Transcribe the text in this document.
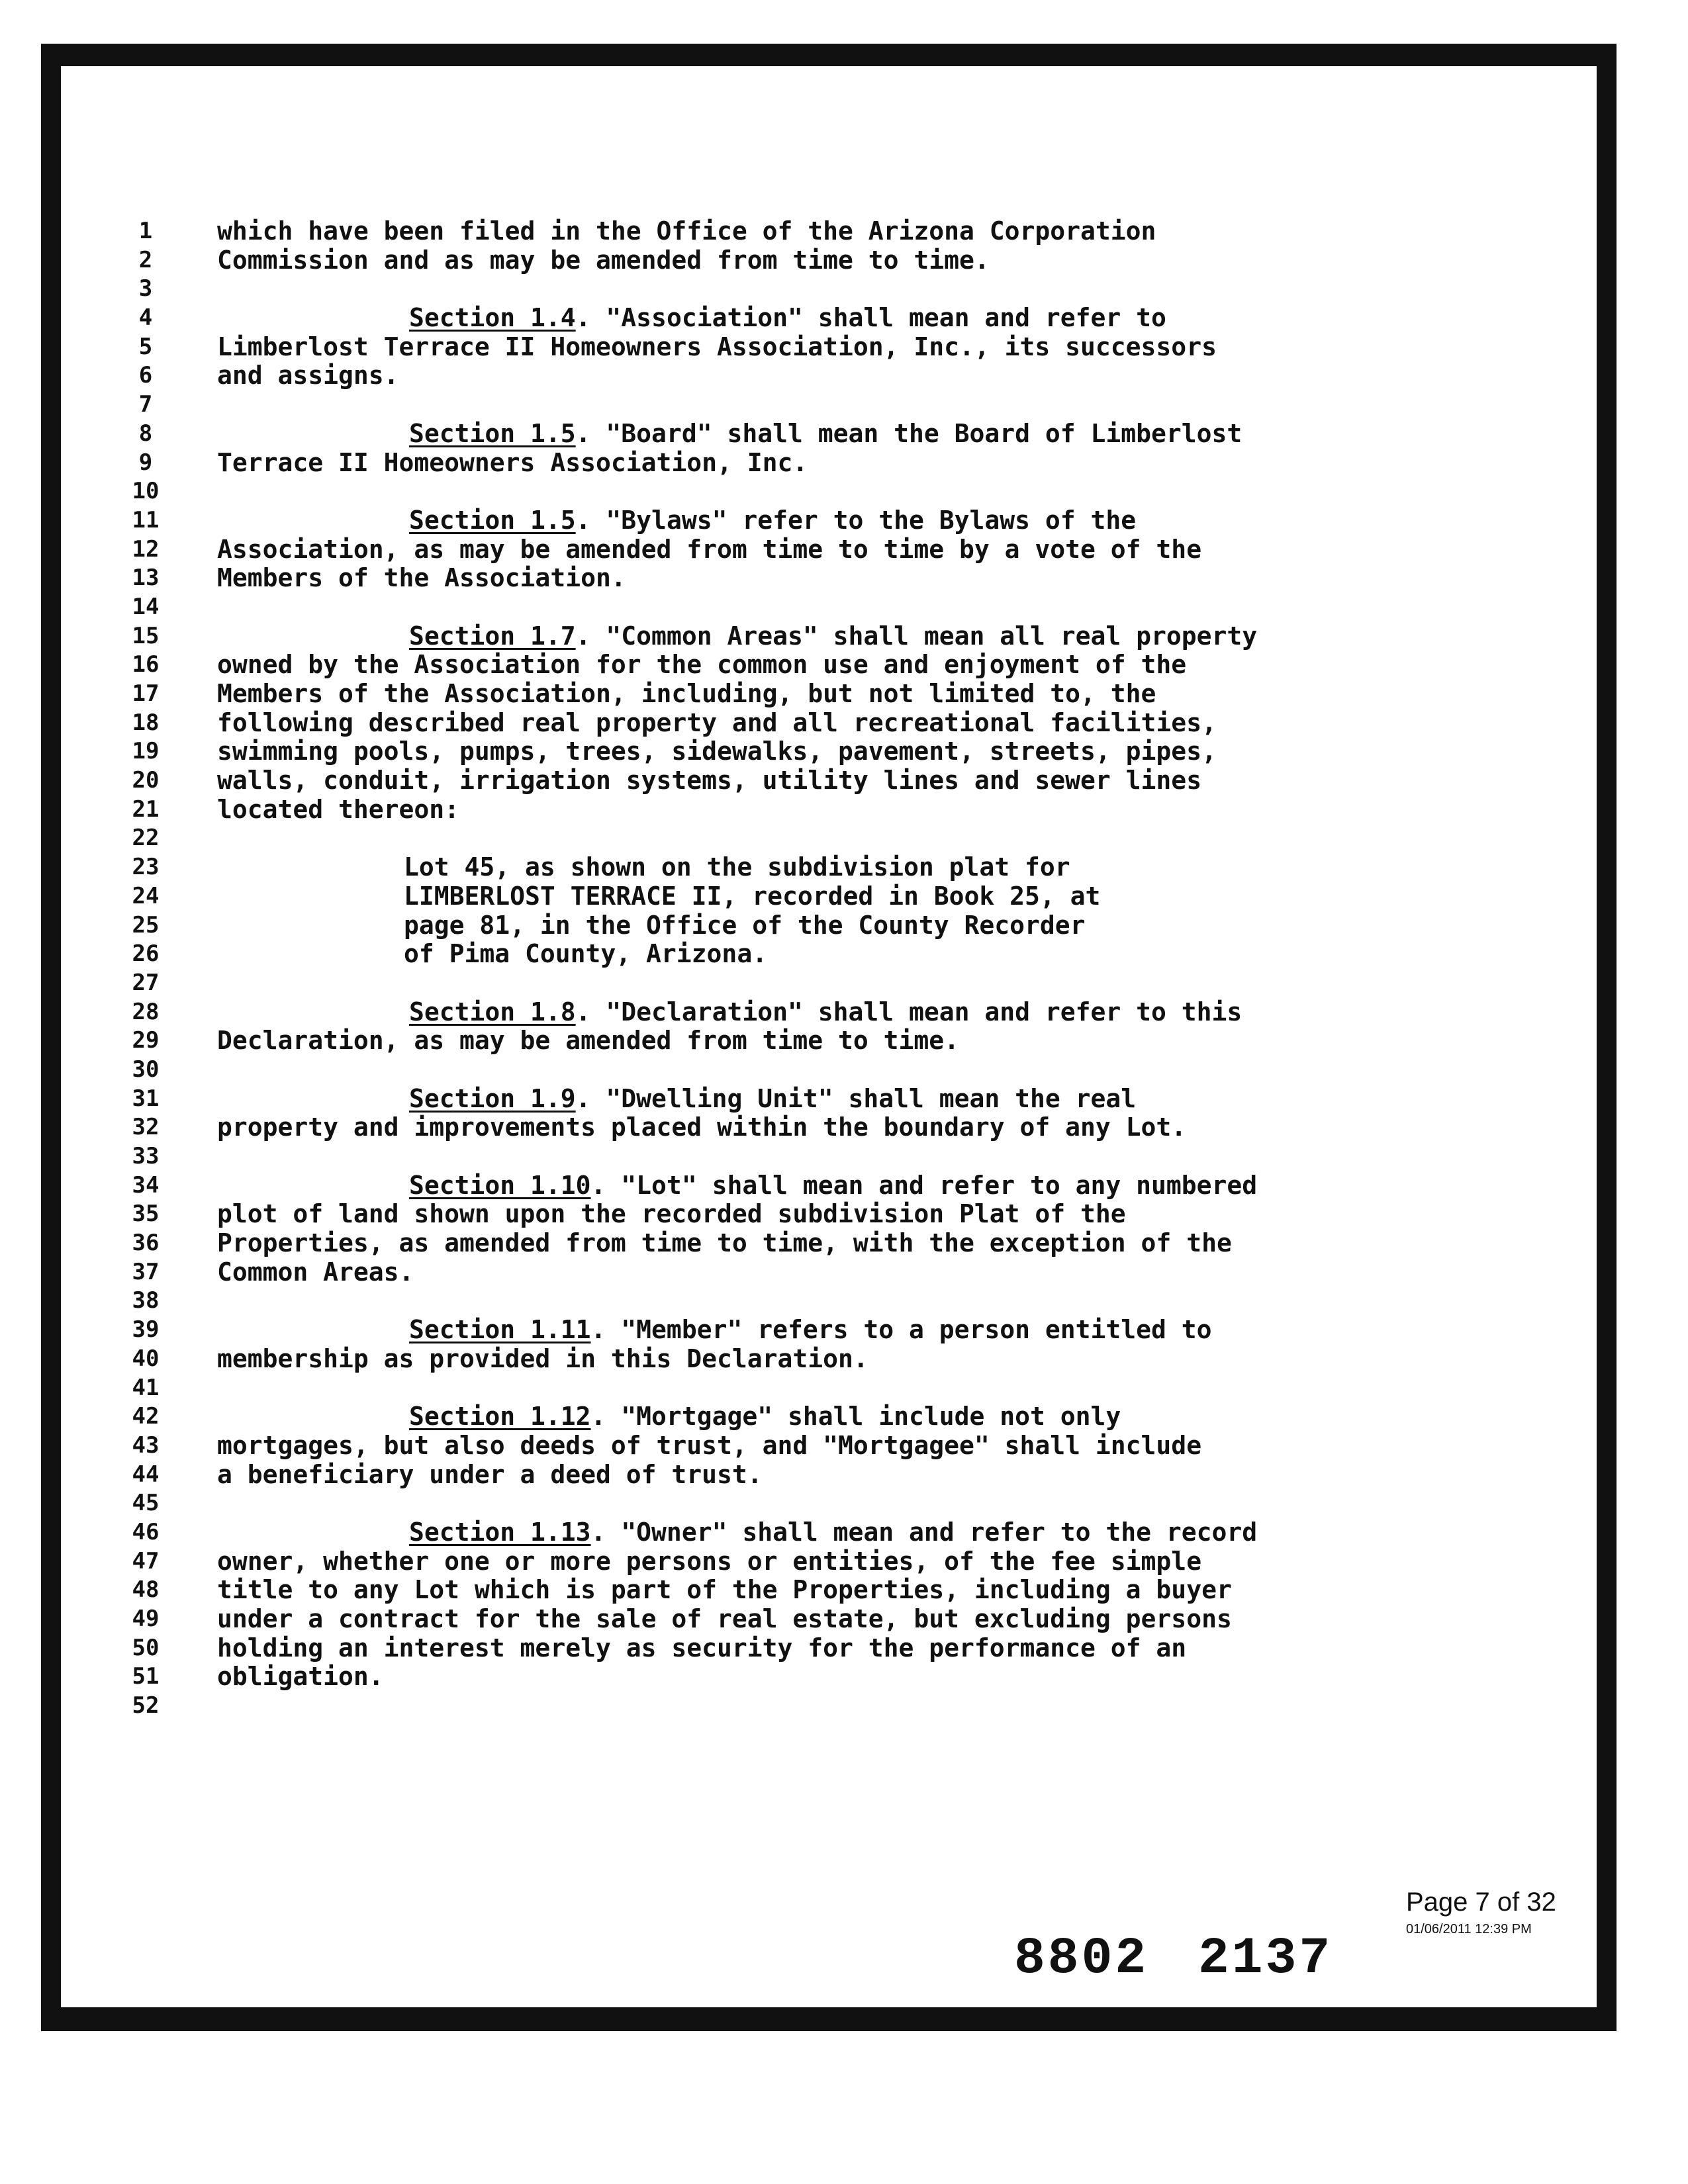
1
2
3
4
5
6
7
8
9
10
11
12
13
14
15
16
17
18
19
20
21
22
23
24
25
26
27
28
29
30
31
32
33
34
35
36
37
38
39
40
41
42
43
44
45
46
47
48
49
50
51
52
which have been filed in the Office of the Arizona Corporation
Commission and as may be amended from time to time.
Section 1.4. "Association" shall mean and refer to
Limberlost Terrace II Homeowners Association, Inc., its successors
and assigns.
Section 1.5. "Board" shall mean the Board of Limberlost
Terrace II Homeowners Association, Inc.
Section 1.5. "Bylaws" refer to the Bylaws of the
Association, as may be amended from time to time by a vote of the
Members of the Association.
Section 1.7. "Common Areas" shall mean all real property
owned by the Association for the common use and enjoyment of the
Members of the Association, including, but not limited to, the
following described real property and all recreational facilities,
swimming pools, pumps, trees, sidewalks, pavement, streets, pipes,
walls, conduit, irrigation systems, utility lines and sewer lines
located thereon:
Lot 45, as shown on the subdivision plat for
LIMBERLOST TERRACE II, recorded in Book 25, at
page 81, in the Office of the County Recorder
of Pima County, Arizona.
Section 1.8. "Declaration" shall mean and refer to this
Declaration, as may be amended from time to time.
Section 1.9. "Dwelling Unit" shall mean the real
property and improvements placed within the boundary of any Lot.
Section 1.10. "Lot" shall mean and refer to any numbered
plot of land shown upon the recorded subdivision Plat of the
Properties, as amended from time to time, with the exception of the
Common Areas.
Section 1.11. "Member" refers to a person entitled to
membership as provided in this Declaration.
Section 1.12. "Mortgage" shall include not only
mortgages, but also deeds of trust, and "Mortgagee" shall include
a beneficiary under a deed of trust.
Section 1.13. "Owner" shall mean and refer to the record
owner, whether one or more persons or entities, of the fee simple
title to any Lot which is part of the Properties, including a buyer
under a contract for the sale of real estate, but excluding persons
holding an interest merely as security for the performance of an
obligation.
Page 7 of 32
01/06/2011 12:39 PM
8802 2137
